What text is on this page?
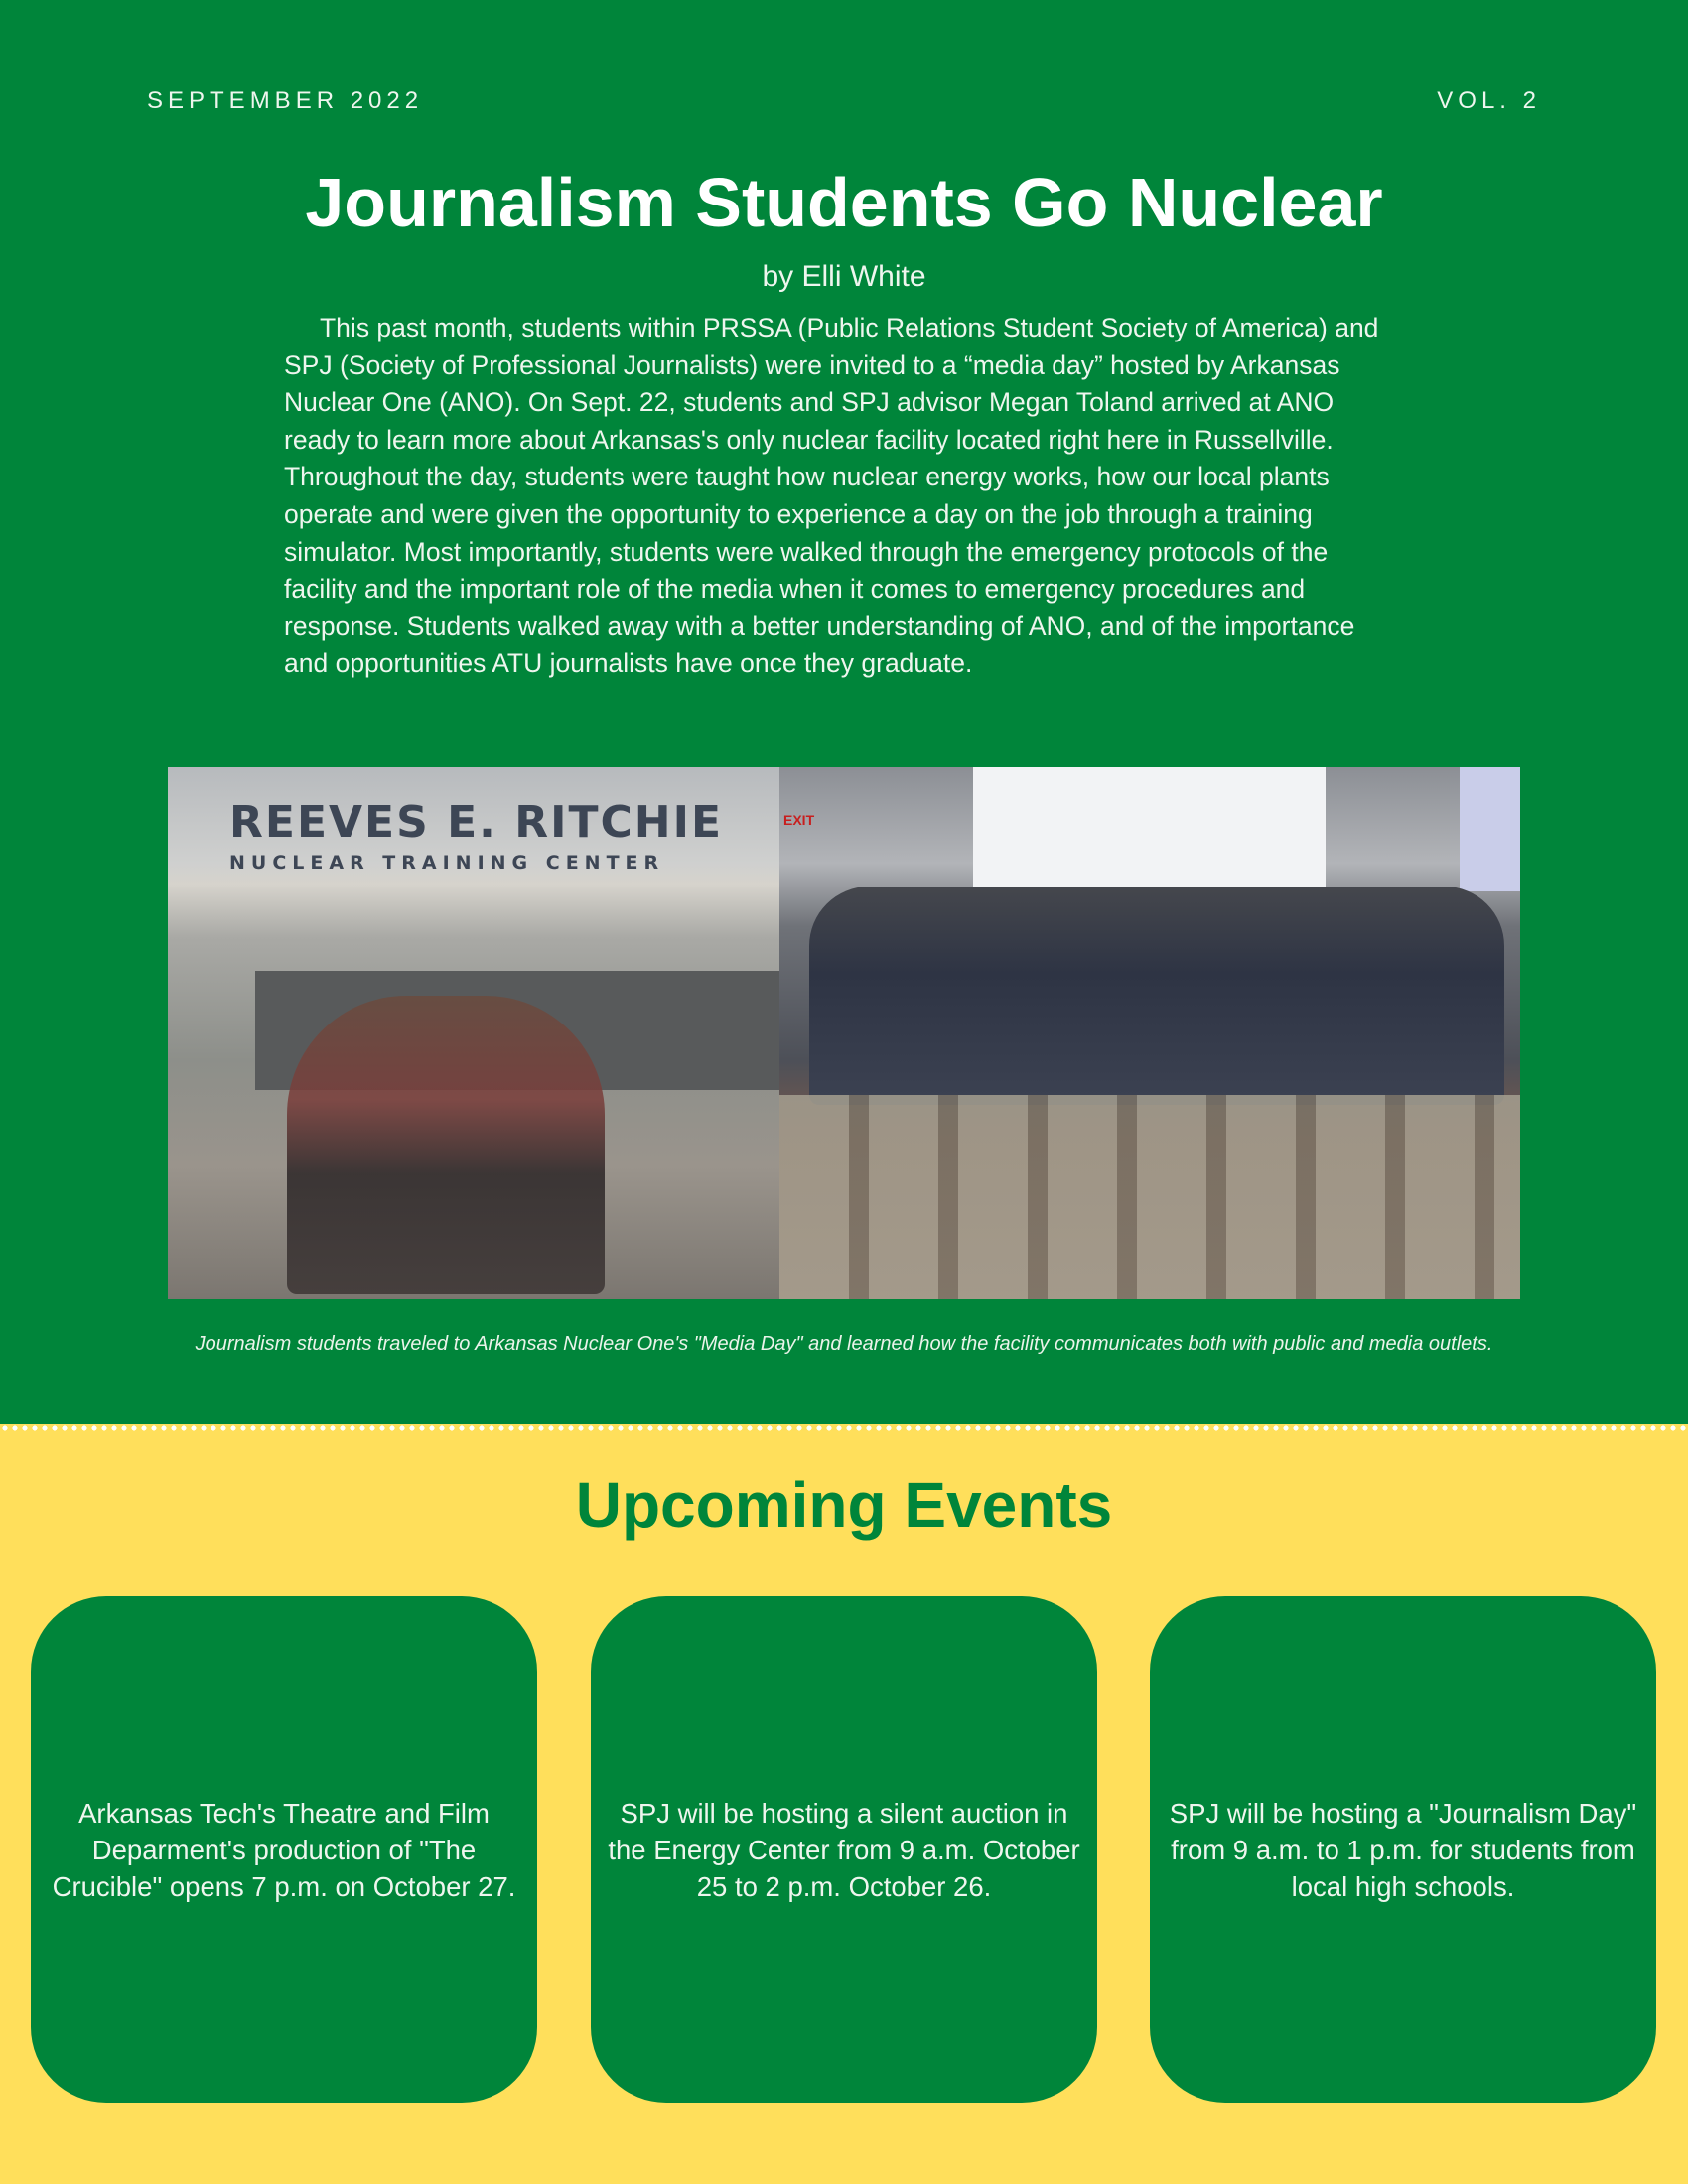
SEPTEMBER 2022	VOL. 2
Journalism Students Go Nuclear
by Elli White

This past month, students within PRSSA (Public Relations Student Society of America) and SPJ (Society of Professional Journalists) were invited to a “media day” hosted by Arkansas Nuclear One (ANO). On Sept. 22, students and SPJ advisor Megan Toland arrived at ANO ready to learn more about Arkansas's only nuclear facility located right here in Russellville. Throughout the day, students were taught how nuclear energy works, how our local plants operate and were given the opportunity to experience a day on the job through a training simulator. Most importantly, students were walked through the emergency protocols of the facility and the important role of the media when it comes to emergency procedures and response. Students walked away with a better understanding of ANO, and of the importance and opportunities ATU journalists have once they graduate.

REEVES E. RITCHIE
NUCLEAR TRAINING CENTER
EXIT

Journalism students traveled to Arkansas Nuclear One's "Media Day" and learned how the facility communicates both with public and media outlets.

Upcoming Events
Arkansas Tech's Theatre and Film Deparment's production of "The Crucible" opens 7 p.m. on October 27.
SPJ will be hosting a silent auction in the Energy Center from 9 a.m. October 25 to 2 p.m. October 26.
SPJ will be hosting a "Journalism Day" from 9 a.m. to 1 p.m. for students from local high schools.
